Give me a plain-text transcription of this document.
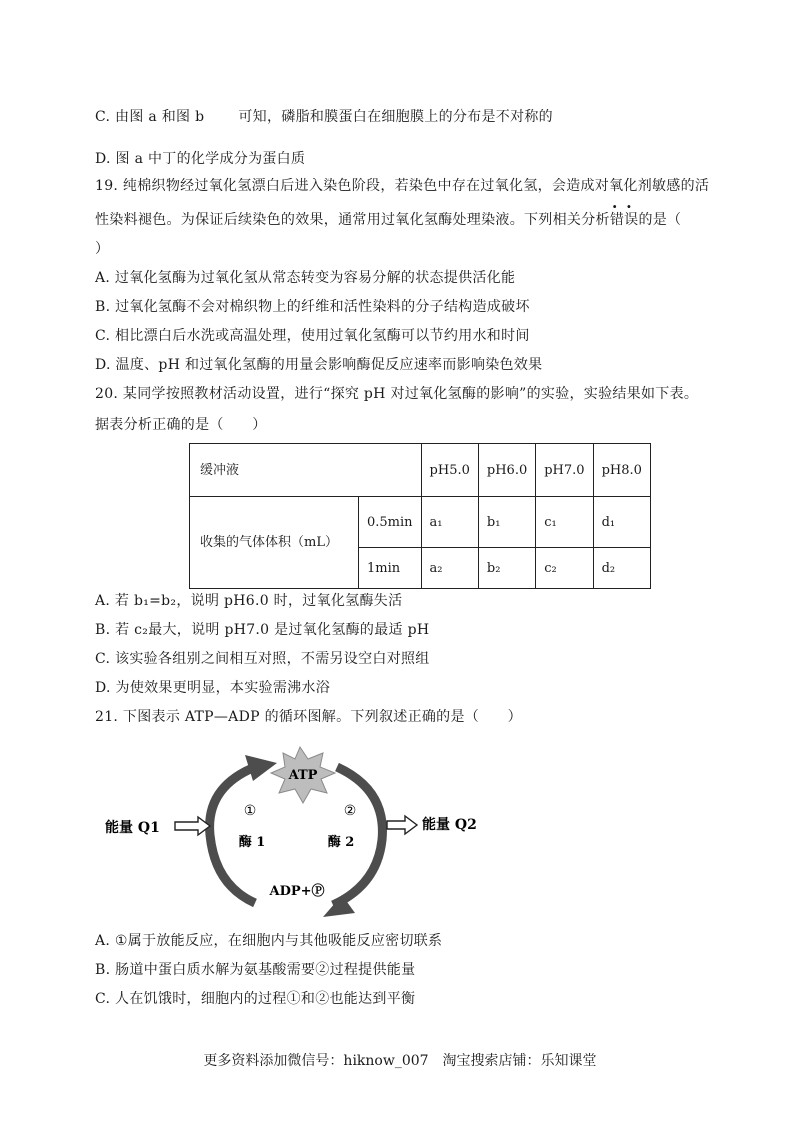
C. 由图 a 和图 b 可知，磷脂和膜蛋白在细胞膜上的分布是不对称的
D. 图 a 中丁的化学成分为蛋白质
19. 纯棉织物经过氧化氢漂白后进入染色阶段，若染色中存在过氧化氢，会造成对氧化剂敏感的活
性染料褪色。为保证后续染色的效果，通常用过氧化氢酶处理染液。下列相关分析错误的是（
）
A. 过氧化氢酶为过氧化氢从常态转变为容易分解的状态提供活化能
B. 过氧化氢酶不会对棉织物上的纤维和活性染料的分子结构造成破坏
C. 相比漂白后水洗或高温处理，使用过氧化氢酶可以节约用水和时间
D. 温度、pH 和过氧化氢酶的用量会影响酶促反应速率而影响染色效果
20. 某同学按照教材活动设置，进行“探究 pH 对过氧化氢酶的影响”的实验，实验结果如下表。
据表分析正确的是（　　）
缓冲液		pH5.0	pH6.0	pH7.0	pH8.0
收集的气体体积（mL）	0.5min	a₁	b₁	c₁	d₁
	1min	a₂	b₂	c₂	d₂
A. 若 b₁=b₂，说明 pH6.0 时，过氧化氢酶失活
B. 若 c₂最大，说明 pH7.0 是过氧化氢酶的最适 pH
C. 该实验各组别之间相互对照，不需另设空白对照组
D. 为使效果更明显，本实验需沸水浴
21. 下图表示 ATP—ADP 的循环图解。下列叙述正确的是（　　）
ATP
ADP+Ⓟ
①	②
酶 1	酶 2
能量 Q1	能量 Q2
A. ①属于放能反应，在细胞内与其他吸能反应密切联系
B. 肠道中蛋白质水解为氨基酸需要②过程提供能量
C. 人在饥饿时，细胞内的过程①和②也能达到平衡
更多资料添加微信号：hiknow_007　淘宝搜索店铺：乐知课堂
